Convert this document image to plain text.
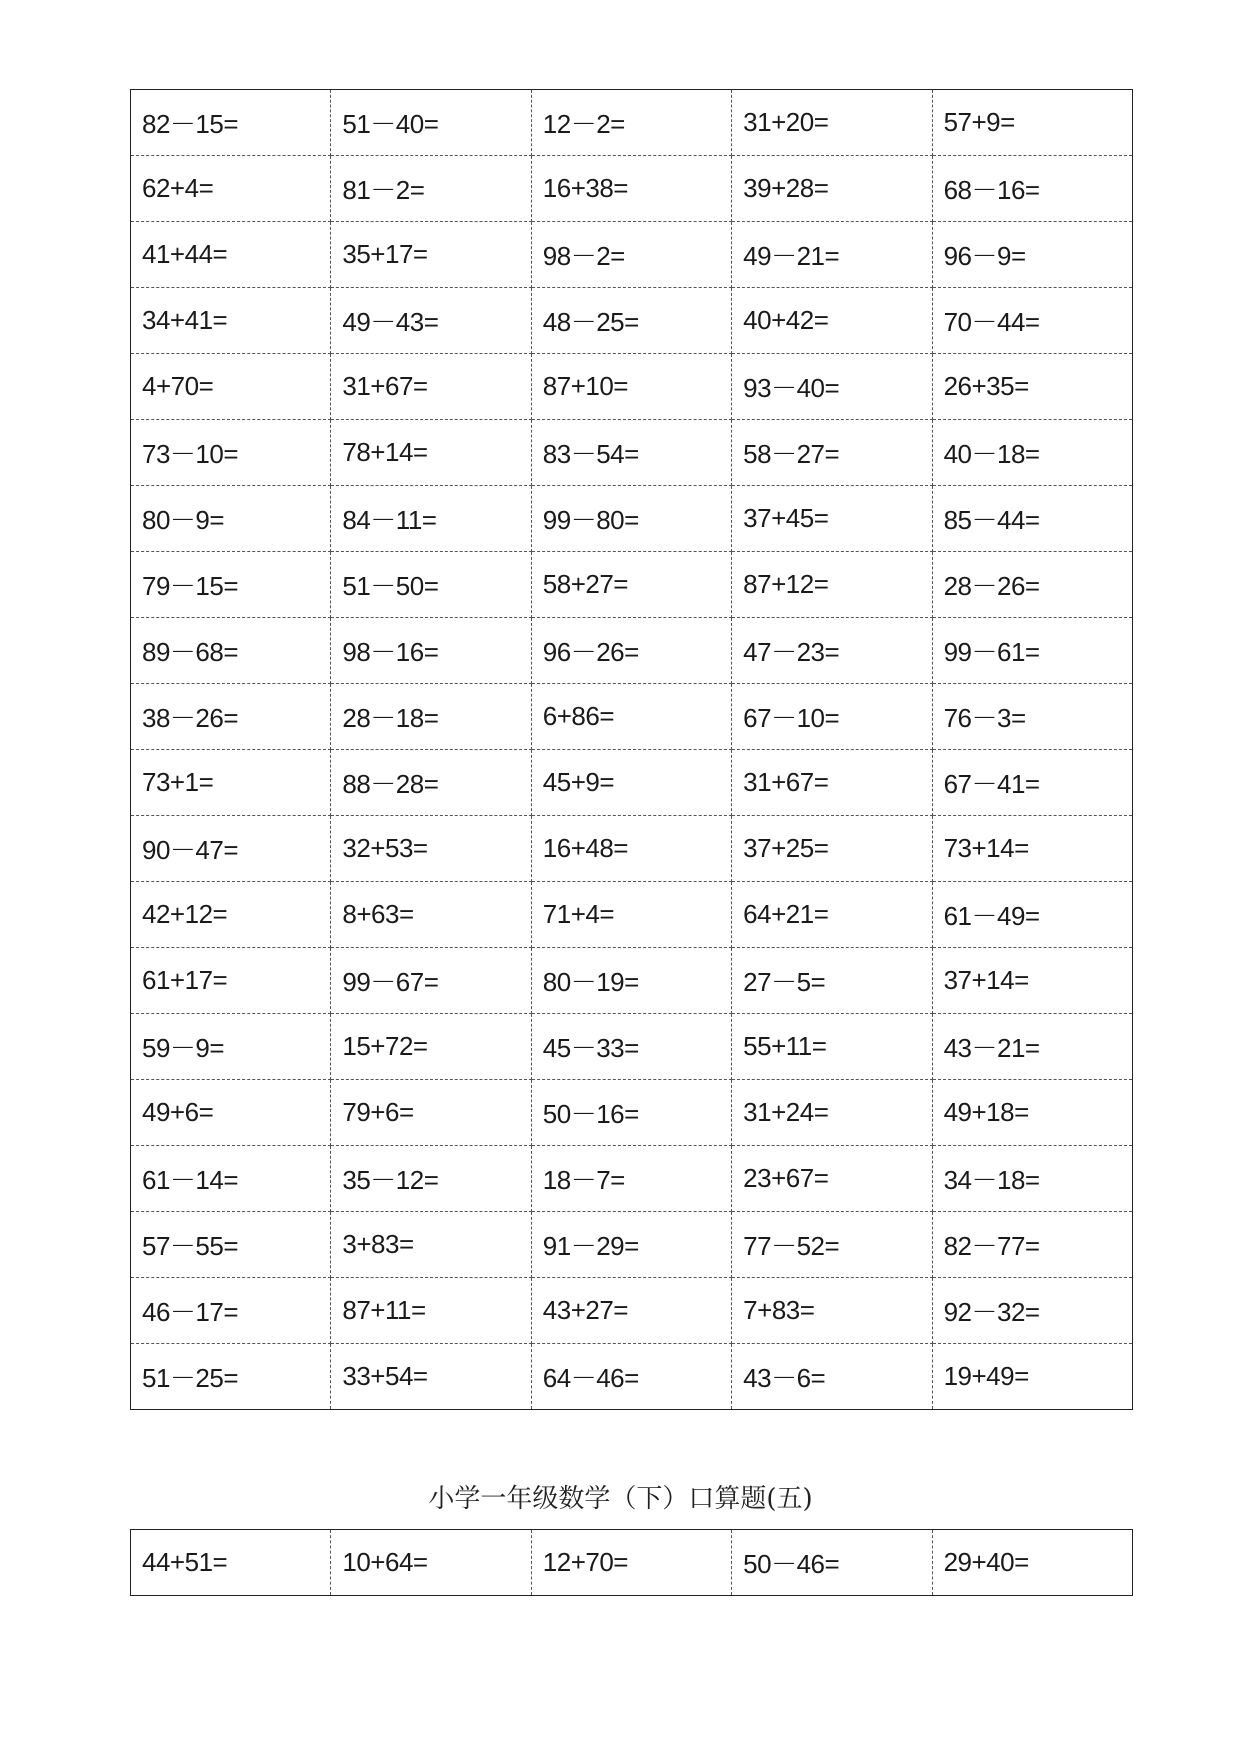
82－15=	51－40=	12－2=	31+20=	57+9=
62+4=	81－2=	16+38=	39+28=	68－16=
41+44=	35+17=	98－2=	49－21=	96－9=
34+41=	49－43=	48－25=	40+42=	70－44=
4+70=	31+67=	87+10=	93－40=	26+35=
73－10=	78+14=	83－54=	58－27=	40－18=
80－9=	84－11=	99－80=	37+45=	85－44=
79－15=	51－50=	58+27=	87+12=	28－26=
89－68=	98－16=	96－26=	47－23=	99－61=
38－26=	28－18=	6+86=	67－10=	76－3=
73+1=	88－28=	45+9=	31+67=	67－41=
90－47=	32+53=	16+48=	37+25=	73+14=
42+12=	8+63=	71+4=	64+21=	61－49=
61+17=	99－67=	80－19=	27－5=	37+14=
59－9=	15+72=	45－33=	55+11=	43－21=
49+6=	79+6=	50－16=	31+24=	49+18=
61－14=	35－12=	18－7=	23+67=	34－18=
57－55=	3+83=	91－29=	77－52=	82－77=
46－17=	87+11=	43+27=	7+83=	92－32=
51－25=	33+54=	64－46=	43－6=	19+49=
小学一年级数学（下）口算题(五)
44+51=	10+64=	12+70=	50－46=	29+40=
